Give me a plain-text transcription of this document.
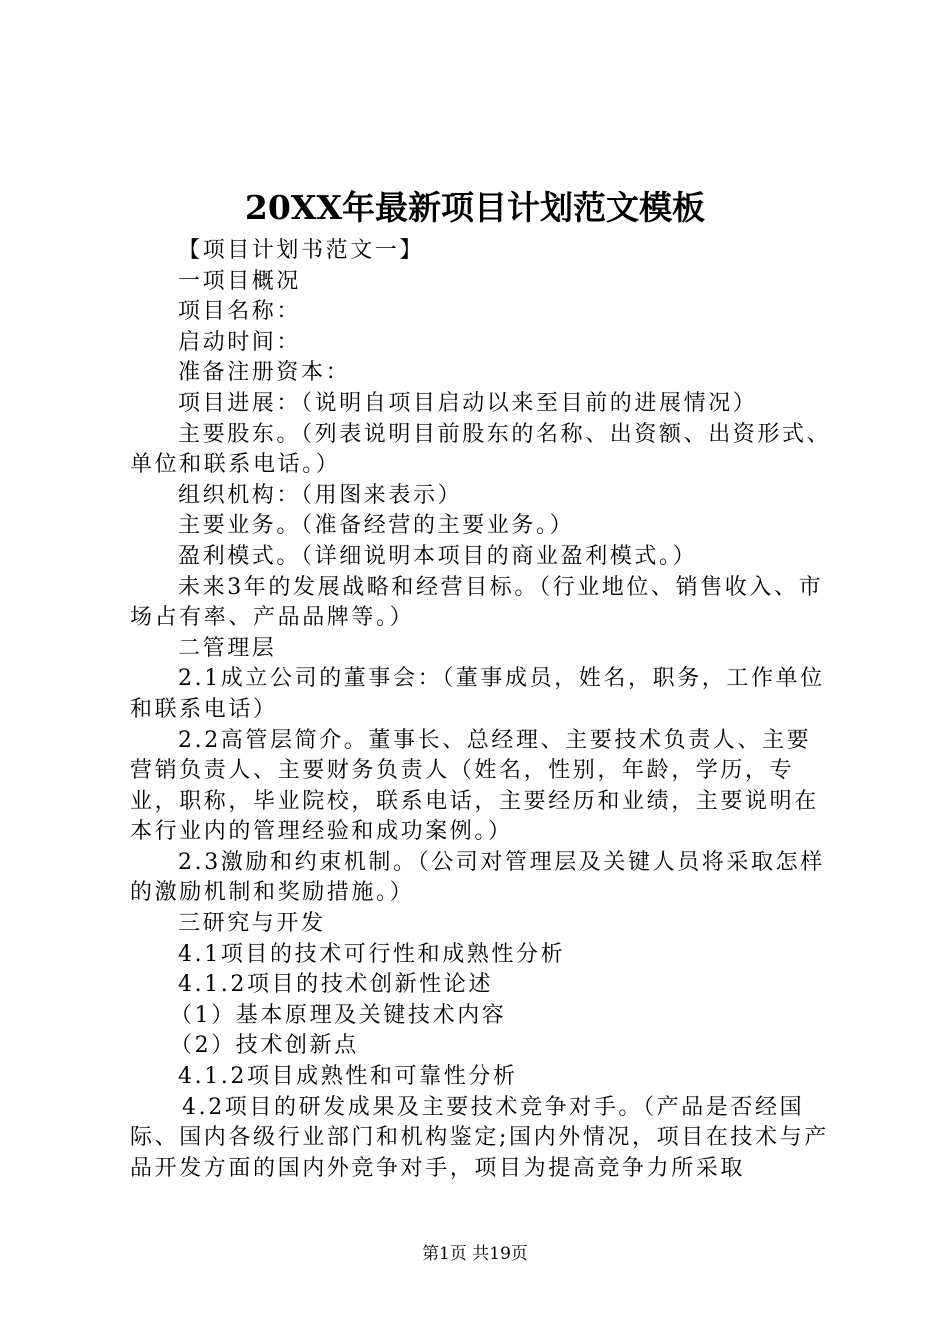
20XX年最新项目计划范文模板

【项目计划书范文一】

一项目概况

项目名称：

启动时间：

准备注册资本：

项目进展：（说明自项目启动以来至目前的进展情况）

主要股东。（列表说明目前股东的名称、出资额、出资形式、单位和联系电话。）

组织机构：（用图来表示）

主要业务。（准备经营的主要业务。）

盈利模式。（详细说明本项目的商业盈利模式。）

未来3年的发展战略和经营目标。（行业地位、销售收入、市场占有率、产品品牌等。）

二管理层

2.1成立公司的董事会：（董事成员，姓名，职务，工作单位和联系电话）

2.2高管层简介。董事长、总经理、主要技术负责人、主要营销负责人、主要财务负责人（姓名，性别，年龄，学历，专业，职称，毕业院校，联系电话，主要经历和业绩，主要说明在本行业内的管理经验和成功案例。）

2.3激励和约束机制。（公司对管理层及关键人员将采取怎样的激励机制和奖励措施。）

三研究与开发

4.1项目的技术可行性和成熟性分析

4.1.2项目的技术创新性论述

（1）基本原理及关键技术内容

（2）技术创新点

4.1.2项目成熟性和可靠性分析

4.2项目的研发成果及主要技术竞争对手。（产品是否经国际、国内各级行业部门和机构鉴定;国内外情况，项目在技术与产品开发方面的国内外竞争对手，项目为提高竞争力所采取

第1页 共19页
